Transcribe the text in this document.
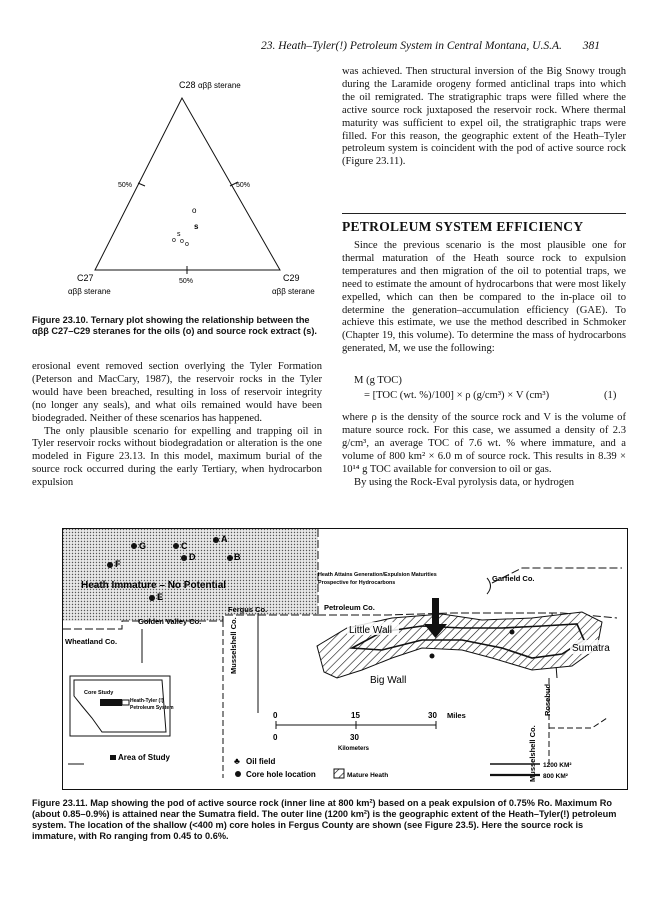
23. Heath–Tyler(!) Petroleum System in Central Montana, U.S.A. 381
C28 αββ sterane
C27
αββ sterane
C29
αββ sterane
50%	50%
50%
o
s
s
o o o
Figure 23.10. Ternary plot showing the relationship between the αββ C27–C29 steranes for the oils (o) and source rock extract (s).

erosional event removed section overlying the Tyler Formation (Peterson and MacCary, 1987), the reservoir rocks in the Tyler would have been breached, resulting in loss of reservoir integrity (no longer any seals), and what oils remained would have been biodegraded. Neither of these scenarios has happened.

The only plausible scenario for expelling and trapping oil in Tyler reservoir rocks without biodegradation or alteration is the one modeled in Figure 23.13. In this model, maximum burial of the source rock occurred during the early Tertiary, when hydrocarbon expulsion

was achieved. Then structural inversion of the Big Snowy trough during the Laramide orogeny formed anticlinal traps into which the oil remigrated. The stratigraphic traps were filled where the active source rock juxtaposed the reservoir rock. Where thermal maturity was sufficient to expel oil, the stratigraphic traps were filled. For this reason, the geographic extent of the Heath–Tyler petroleum system is coincident with the pod of active source rock (Figure 23.11).

PETROLEUM SYSTEM EFFICIENCY

Since the previous scenario is the most plausible one for thermal maturation of the Heath source rock to expulsion temperatures and then migration of the oil to potential traps, we need to estimate the amount of hydrocarbons that were most likely expelled, which can then be compared to the in-place oil to determine the generation–accumulation efficiency (GAE). To achieve this estimate, we use the method described in Schmoker (Chapter 19, this volume). To determine the mass of hydrocarbons generated, M, we use the following:

M (g TOC)
= [TOC (wt. %)/100] × ρ (g/cm³) × V (cm³)	(1)

where ρ is the density of the source rock and V is the volume of mature source rock. For this case, we assumed a density of 2.3 g/cm³, an average TOC of 7.6 wt. % where immature, and a volume of 800 km² × 6.0 m of source rock. This results in 8.39 × 10¹⁴ g TOC available for conversion to oil or gas.

By using the Rock-Eval pyrolysis data, or hydrogen

Heath Immature – No Potential
G	C
A
B
D
F
E
Golden Valley Co.
Wheatland Co.
Fergus Co.
Musselshell Co.
Musselshell Co.
Rosebud
Petroleum Co.
Garfield Co.
Heath Attains Generation/Expulsion Maturities
Prospective for Hydrocarbons
Little Wall
Big Wall
Sumatra
Core Study
Heath-Tyler (!)
Petroleum System
Area of Study
0	15	30 Miles
0	30
Kilometers
♣ Oil field
Core hole location	Mature Heath
1200 KM²
800 KM²
Figure 23.11. Map showing the pod of active source rock (inner line at 800 km²) based on a peak expulsion of 0.75% Ro. Maximum Ro (about 0.85–0.9%) is attained near the Sumatra field. The outer line (1200 km²) is the geographic extent of the Heath–Tyler(!) petroleum system. The location of the shallow (<400 m) core holes in Fergus County are shown (see Figure 23.5). Here the source rock is immature, with Ro ranging from 0.45 to 0.6%.
